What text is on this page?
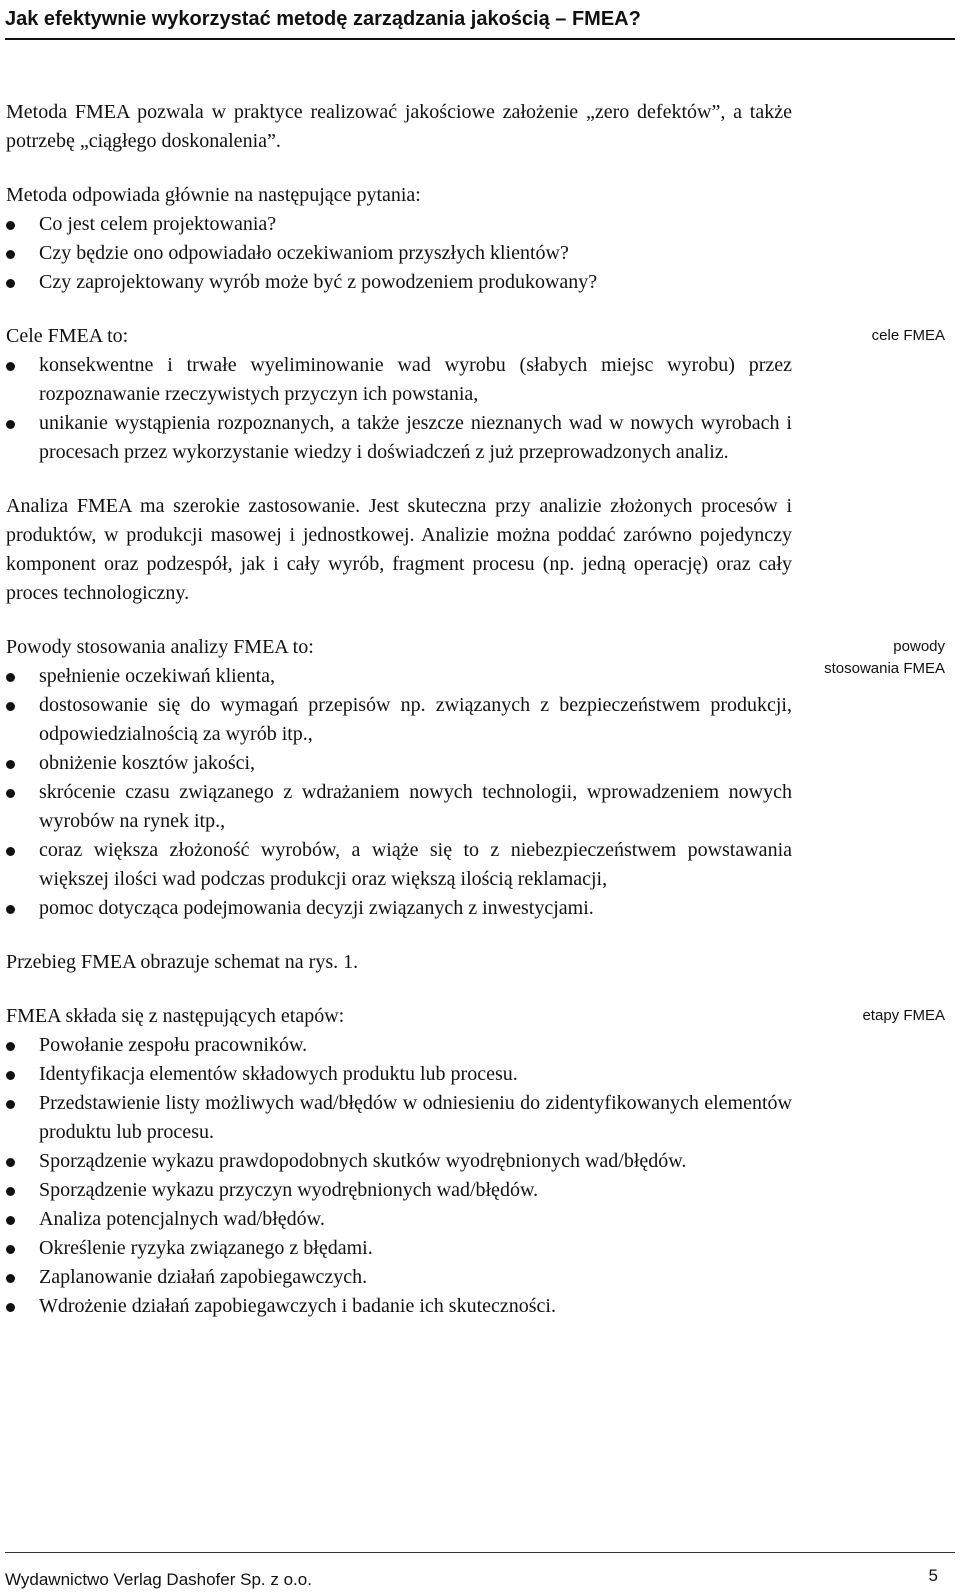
Jak efektywnie wykorzystać metodę zarządzania jakością – FMEA?

Metoda FMEA pozwala w praktyce realizować jakościowe założenie „zero defektów”, a także potrzebę „ciągłego doskonalenia”.

Metoda odpowiada głównie na następujące pytania:

Co jest celem projektowania?
Czy będzie ono odpowiadało oczekiwaniom przyszłych klientów?
Czy zaprojektowany wyrób może być z powodzeniem produkowany?

Cele FMEA to:

konsekwentne i trwałe wyeliminowanie wad wyrobu (słabych miejsc wyrobu) przez rozpoznawanie rzeczywistych przyczyn ich powstania,
unikanie wystąpienia rozpoznanych, a także jeszcze nieznanych wad w nowych wyrobach i procesach przez wykorzystanie wiedzy i doświadczeń z już przeprowadzonych analiz.

Analiza FMEA ma szerokie zastosowanie. Jest skuteczna przy analizie złożonych procesów i produktów, w produkcji masowej i jednostkowej. Analizie można poddać zarówno pojedynczy komponent oraz podzespół, jak i cały wyrób, fragment procesu (np. jedną operację) oraz cały proces technologiczny.

Powody stosowania analizy FMEA to:

spełnienie oczekiwań klienta,
dostosowanie się do wymagań przepisów np. związanych z bezpieczeństwem produkcji, odpowiedzialnością za wyrób itp.,
obniżenie kosztów jakości,
skrócenie czasu związanego z wdrażaniem nowych technologii, wprowadzeniem nowych wyrobów na rynek itp.,
coraz większa złożoność wyrobów, a wiąże się to z niebezpieczeństwem powstawania większej ilości wad podczas produkcji oraz większą ilością reklamacji,
pomoc dotycząca podejmowania decyzji związanych z inwestycjami.

Przebieg FMEA obrazuje schemat na rys. 1.

FMEA składa się z następujących etapów:

Powołanie zespołu pracowników.
Identyfikacja elementów składowych produktu lub procesu.
Przedstawienie listy możliwych wad/błędów w odniesieniu do zidentyfikowanych elementów produktu lub procesu.
Sporządzenie wykazu prawdopodobnych skutków wyodrębnionych wad/błędów.
Sporządzenie wykazu przyczyn wyodrębnionych wad/błędów.
Analiza potencjalnych wad/błędów.
Określenie ryzyka związanego z błędami.
Zaplanowanie działań zapobiegawczych.
Wdrożenie działań zapobiegawczych i badanie ich skuteczności.
cele FMEA
powody
stosowania FMEA
etapy FMEA
Wydawnictwo Verlag Dashofer Sp. z o.o.	5
